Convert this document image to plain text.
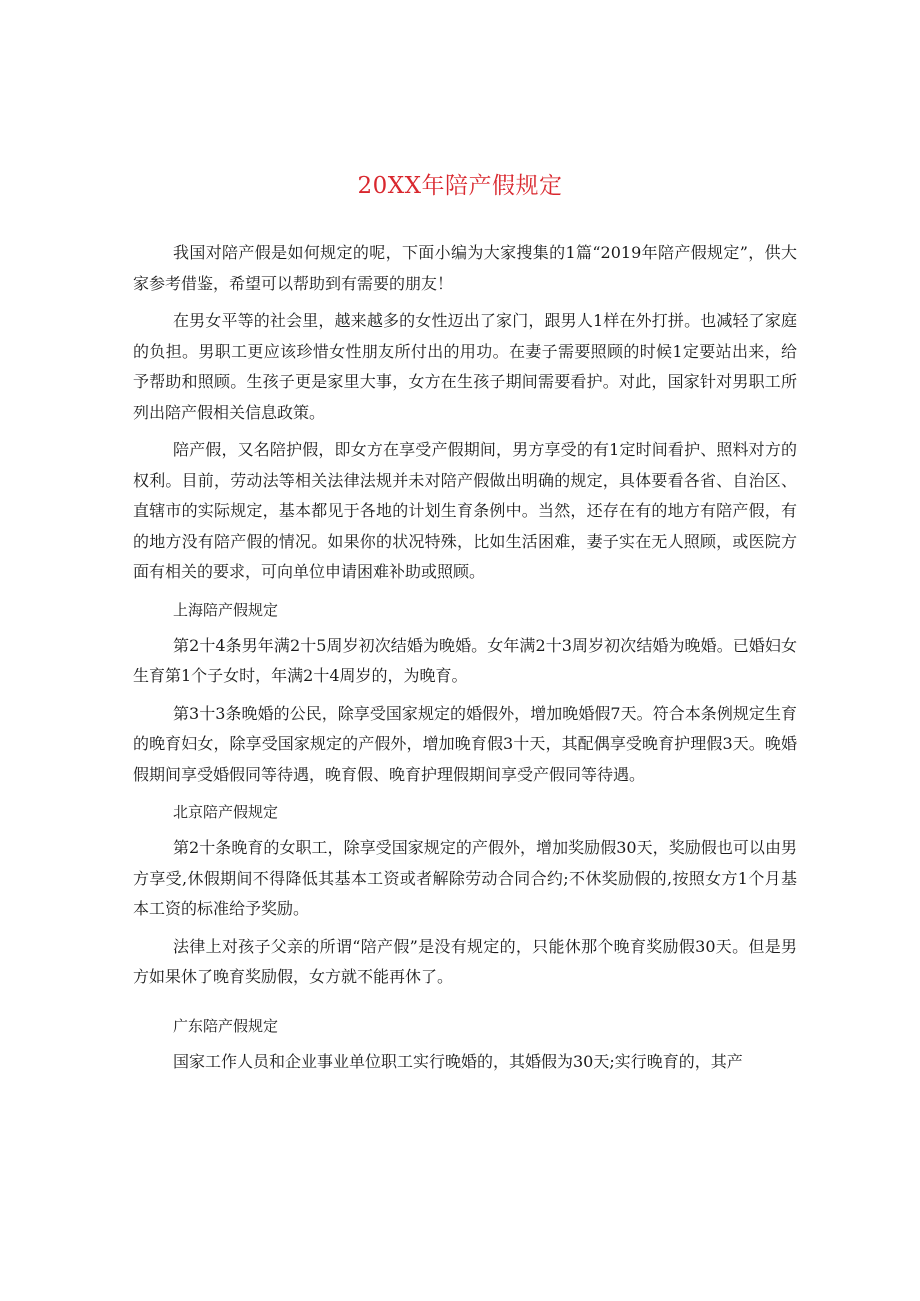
20XX年陪产假规定

我国对陪产假是如何规定的呢，下面小编为大家搜集的1篇“2019年陪产假规定”，供大家参考借鉴，希望可以帮助到有需要的朋友！

在男女平等的社会里，越来越多的女性迈出了家门，跟男人1样在外打拼。也减轻了家庭的负担。男职工更应该珍惜女性朋友所付出的用功。在妻子需要照顾的时候1定要站出来，给予帮助和照顾。生孩子更是家里大事，女方在生孩子期间需要看护。对此，国家针对男职工所列出陪产假相关信息政策。

陪产假，又名陪护假，即女方在享受产假期间，男方享受的有1定时间看护、照料对方的权利。目前，劳动法等相关法律法规并未对陪产假做出明确的规定，具体要看各省、自治区、直辖市的实际规定，基本都见于各地的计划生育条例中。当然，还存在有的地方有陪产假，有的地方没有陪产假的情况。如果你的状况特殊，比如生活困难，妻子实在无人照顾，或医院方面有相关的要求，可向单位申请困难补助或照顾。

上海陪产假规定

第2十4条男年满2十5周岁初次结婚为晚婚。女年满2十3周岁初次结婚为晚婚。已婚妇女生育第1个子女时，年满2十4周岁的，为晚育。

第3十3条晚婚的公民，除享受国家规定的婚假外，增加晚婚假7天。符合本条例规定生育的晚育妇女，除享受国家规定的产假外，增加晚育假3十天，其配偶享受晚育护理假3天。晚婚假期间享受婚假同等待遇，晚育假、晚育护理假期间享受产假同等待遇。

北京陪产假规定

第2十条晚育的女职工，除享受国家规定的产假外，增加奖励假30天，奖励假也可以由男方享受,休假期间不得降低其基本工资或者解除劳动合同合约;不休奖励假的,按照女方1个月基本工资的标准给予奖励。

法律上对孩子父亲的所谓“陪产假”是没有规定的，只能休那个晚育奖励假30天。但是男方如果休了晚育奖励假，女方就不能再休了。

广东陪产假规定

国家工作人员和企业事业单位职工实行晚婚的，其婚假为30天;实行晚育的，其产
